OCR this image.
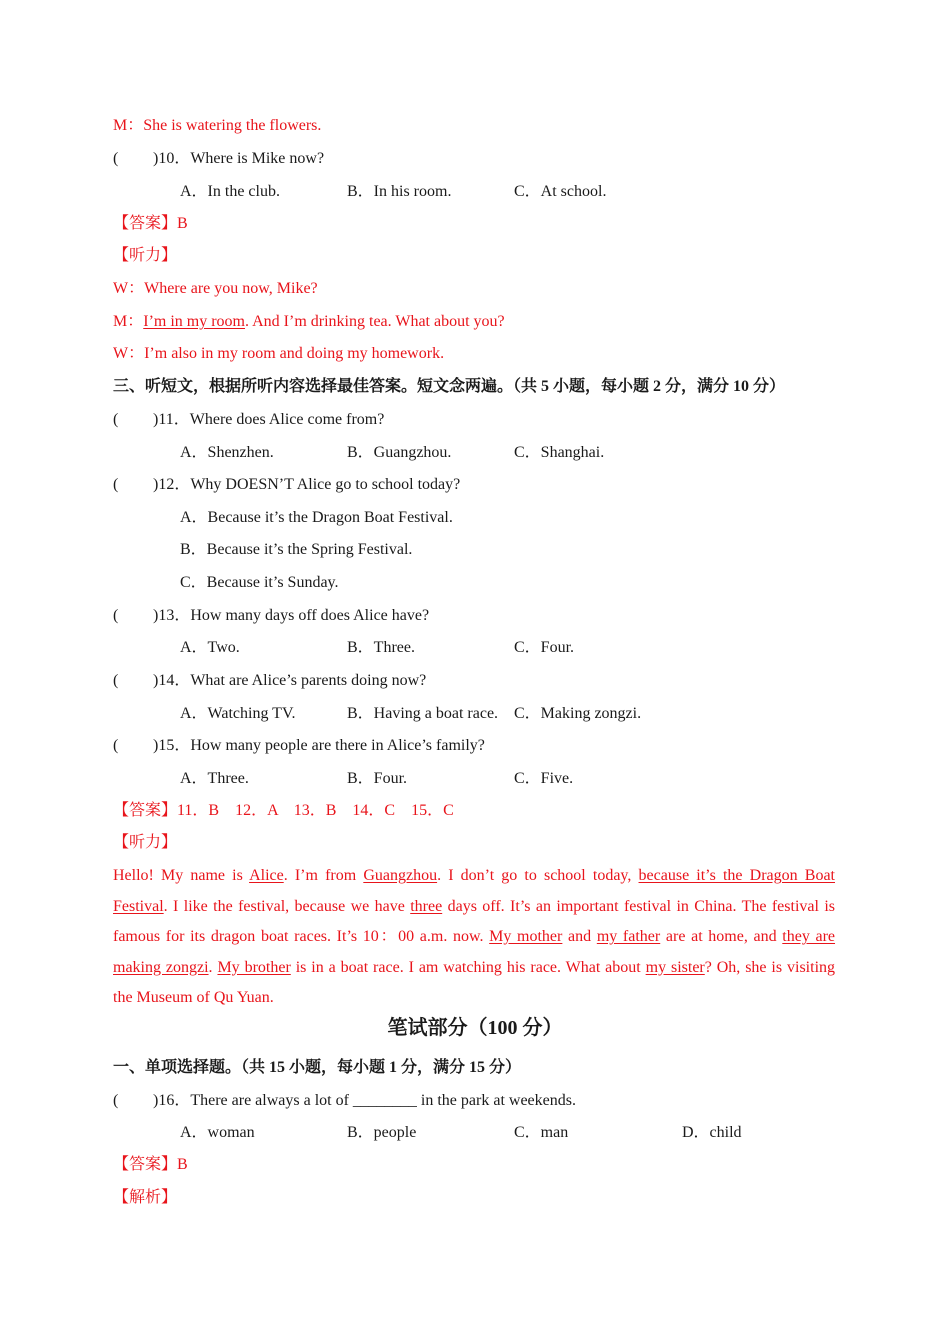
M：She is watering the flowers.
( )10．Where is Mike now?
A．In the club.	B．In his room.	C．At school.
【答案】B
【听力】
W：Where are you now, Mike?
M：I’m in my room. And I’m drinking tea. What about you?
W：I’m also in my room and doing my homework.
三、听短文，根据所听内容选择最佳答案。短文念两遍。（共 5 小题，每小题 2 分，满分 10 分）
( )11．Where does Alice come from?
A．Shenzhen.	B．Guangzhou.	C．Shanghai.
( )12．Why DOESN’T Alice go to school today?
A．Because it’s the Dragon Boat Festival.
B．Because it’s the Spring Festival.
C．Because it’s Sunday.
( )13．How many days off does Alice have?
A．Two.	B．Three.	C．Four.
( )14．What are Alice’s parents doing now?
A．Watching TV.	B．Having a boat race. C．Making zongzi.
( )15．How many people are there in Alice’s family?
A．Three.	B．Four.	C．Five.
【答案】11．B　12．A　13．B　14．C　15．C
【听力】
Hello! My name is Alice. I’m from Guangzhou. I don’t go to school today, because it’s the Dragon Boat Festival. I like the festival, because we have three days off. It’s an important festival in China. The festival is famous for its dragon boat races. It’s 10：00 a.m. now. My mother and my father are at home, and they are making zongzi. My brother is in a boat race. I am watching his race. What about my sister? Oh, she is visiting the Museum of Qu Yuan.
笔试部分（100 分）
一、单项选择题。（共 15 小题，每小题 1 分，满分 15 分）
( )16．There are always a lot of ________ in the park at weekends.
A．woman	B．people	C．man	D．child
【答案】B
【解析】
